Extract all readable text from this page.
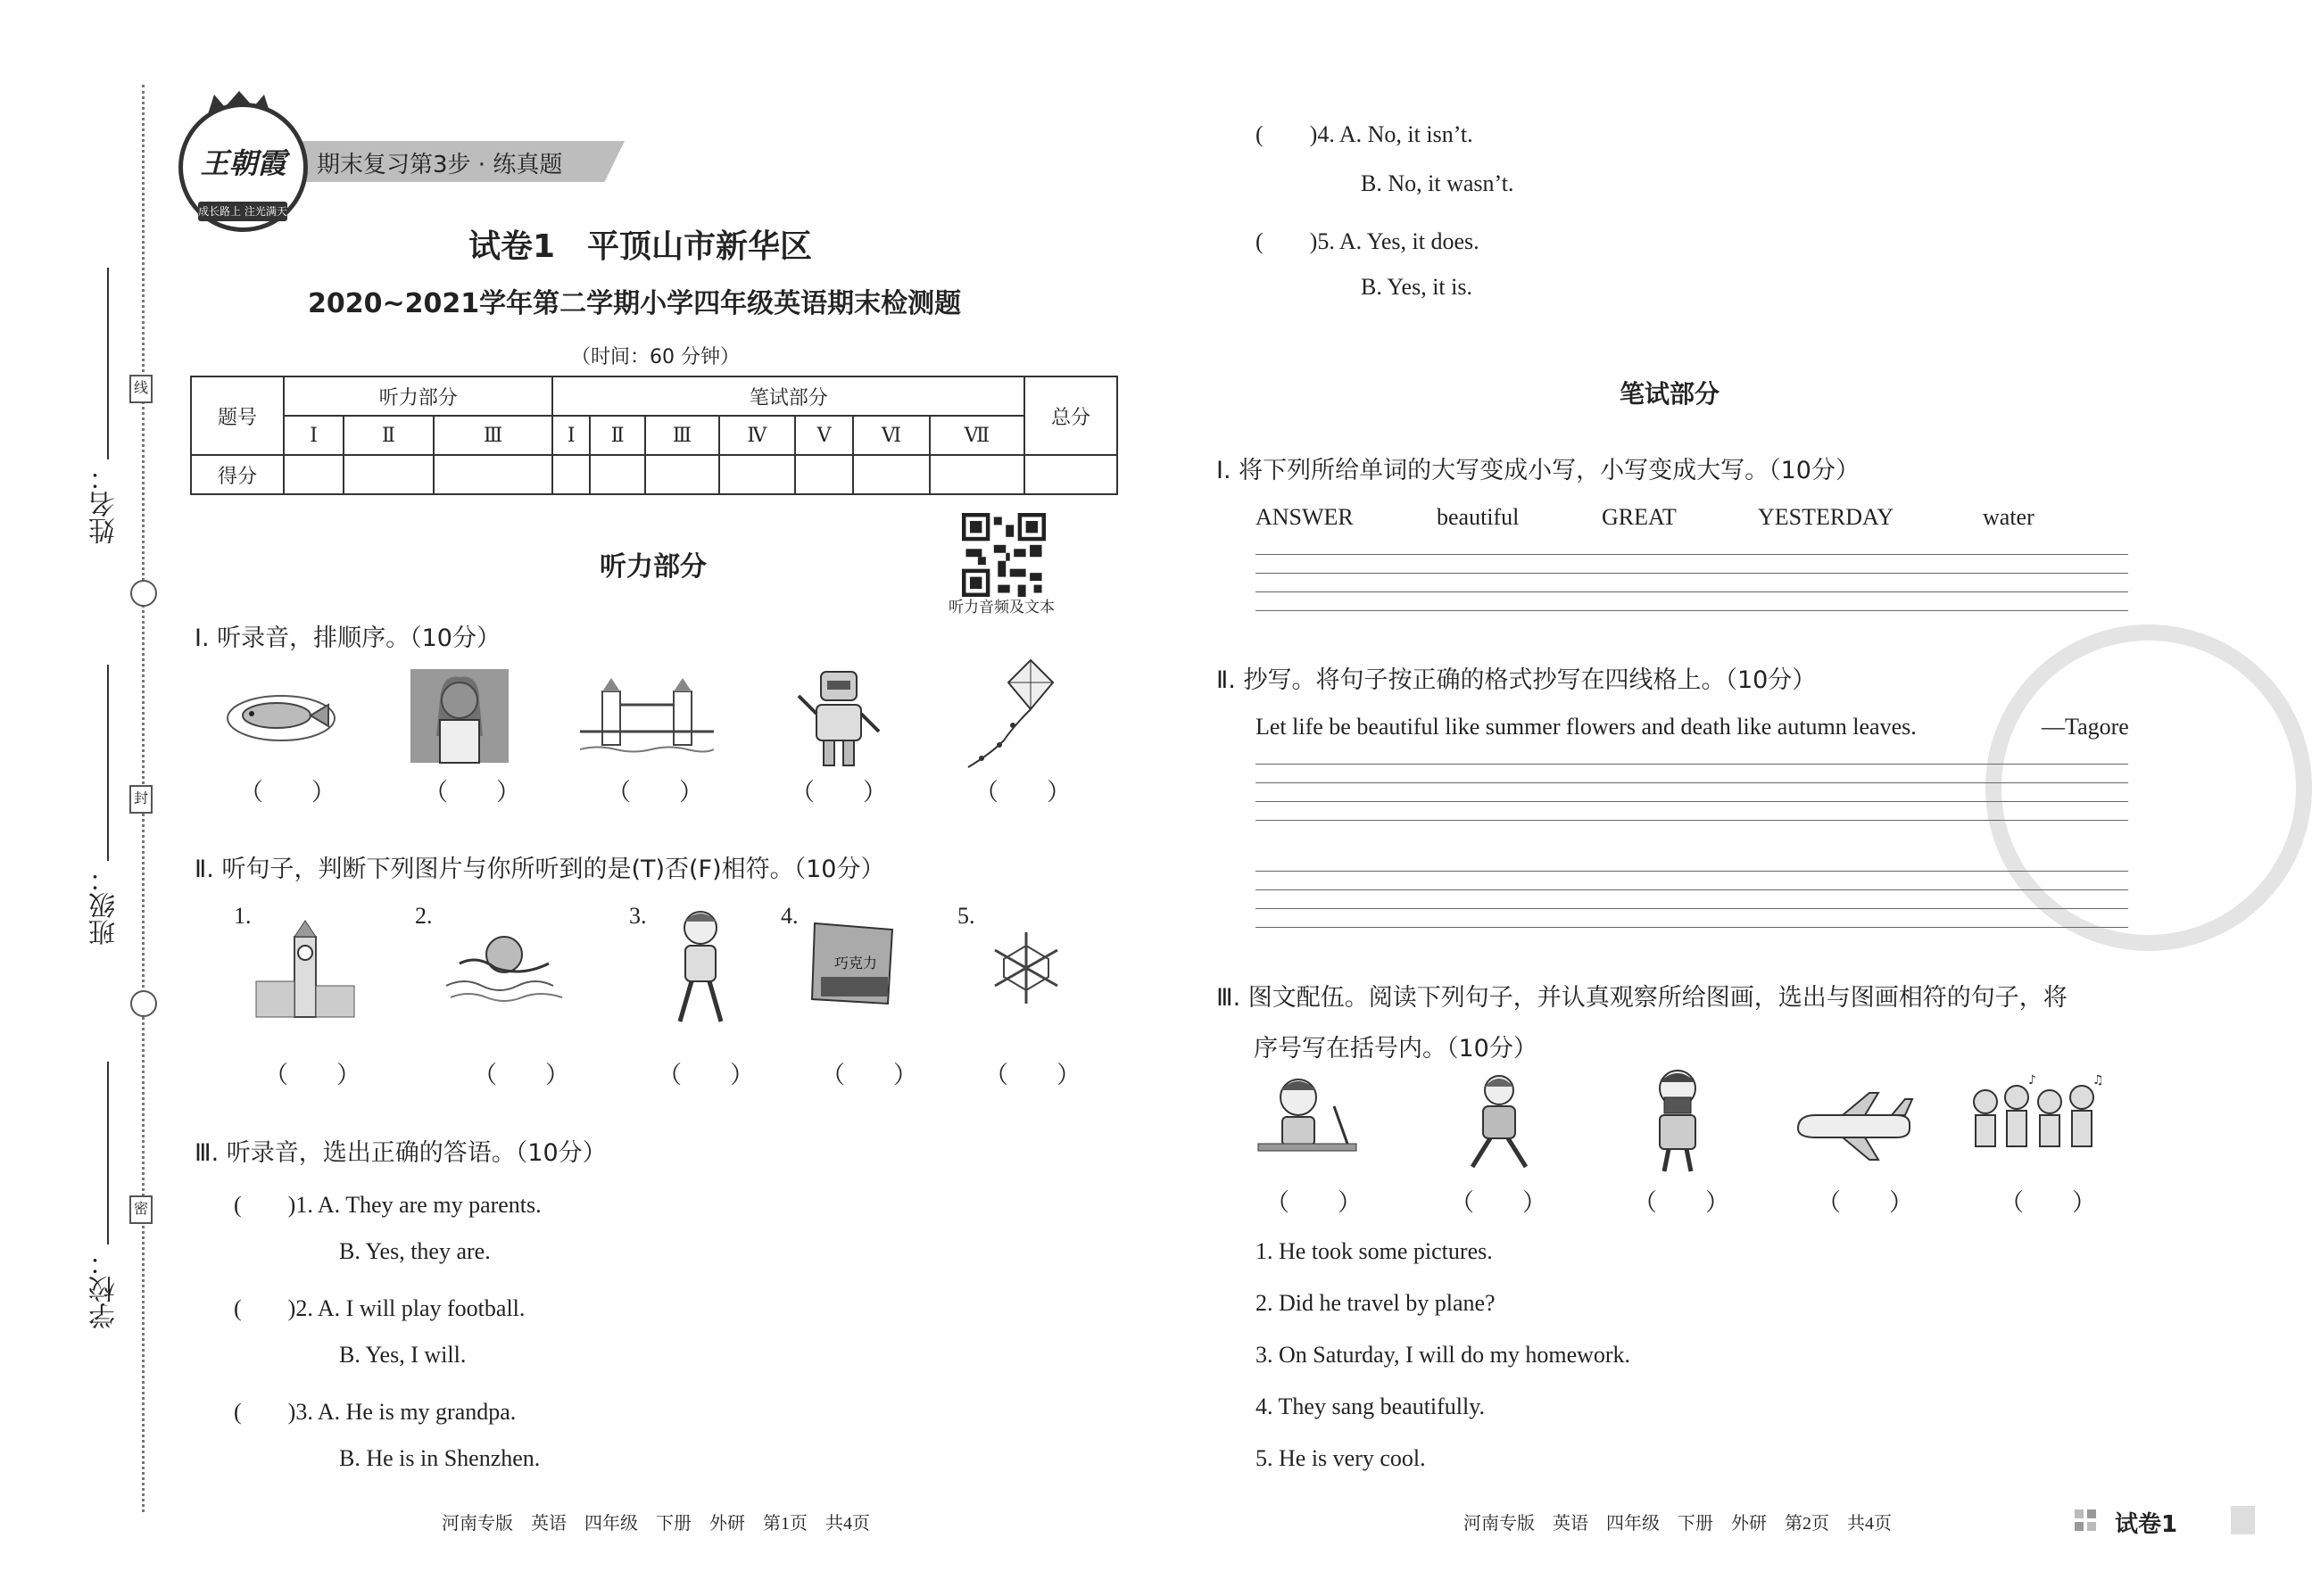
姓名：
班级：
学校：
线
封
密
期末复习第3步 · 练真题
王朝霞
成长路上 注光满天
试卷1　平顶山市新华区
2020~2021学年第二学期小学四年级英语期末检测题
（时间：60 分钟）
题号	听力部分			笔试部分							总分
	Ⅰ	Ⅱ	Ⅲ	Ⅰ	Ⅱ	Ⅲ	Ⅳ	Ⅴ	Ⅵ	Ⅶ	
得分											
听力音频及文本
听力部分
Ⅰ. 听录音，排顺序。（10分）
（　　）	（　　）	（　　）	（　　）	（　　）
Ⅱ. 听句子，判断下列图片与你所听到的是(T)否(F)相符。（10分）
1.	2.	3.	4.	5.
巧克力
（　　）	（　　）	（　　）	（　　）	（　　）
Ⅲ. 听录音，选出正确的答语。（10分）
(　　)1. A. They are my parents.
B. Yes, they are.
(　　)2. A. I will play football.
B. Yes, I will.
(　　)3. A. He is my grandpa.
B. He is in Shenzhen.
(　　)4. A. No, it isn’t.
B. No, it wasn’t.
(　　)5. A. Yes, it does.
B. Yes, it is.
笔试部分
Ⅰ. 将下列所给单词的大写变成小写，小写变成大写。（10分）
ANSWER	beautiful	GREAT	YESTERDAY	water
Ⅱ. 抄写。将句子按正确的格式抄写在四线格上。（10分）
Let life be beautiful like summer flowers and death like autumn leaves.	—Tagore
Ⅲ. 图文配伍。阅读下列句子，并认真观察所给图画，选出与图画相符的句子，将
序号写在括号内。（10分）
♪	♫
（　　）	（　　）	（　　）	（　　）	（　　）
1. He took some pictures.
2. Did he travel by plane?
3. On Saturday, I will do my homework.
4. They sang beautifully.
5. He is very cool.
河南专版　英语　四年级　下册　外研　第1页　共4页	河南专版　英语　四年级　下册　外研　第2页　共4页	试卷1
